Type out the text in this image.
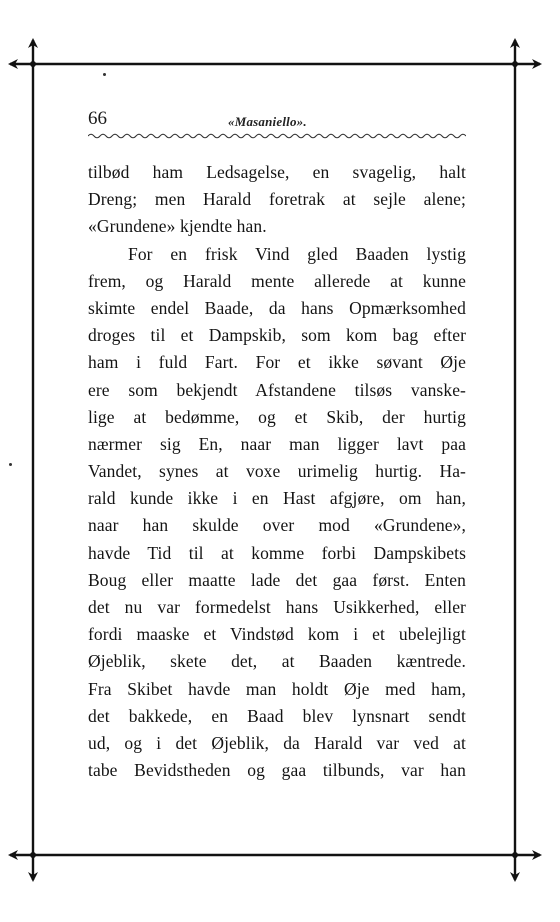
66	«Masaniello».
tilbød ham Ledsagelse, en svagelig, halt
Dreng; men Harald foretrak at sejle alene;
«Grundene» kjendte han.
For en frisk Vind gled Baaden lystig
frem, og Harald mente allerede at kunne
skimte endel Baade, da hans Opmærksomhed
droges til et Dampskib, som kom bag efter
ham i fuld Fart. For et ikke søvant Øje
ere som bekjendt Afstandene tilsøs vanske-
lige at bedømme, og et Skib, der hurtig
nærmer sig En, naar man ligger lavt paa
Vandet, synes at voxe urimelig hurtig. Ha-
rald kunde ikke i en Hast afgjøre, om han,
naar han skulde over mod «Grundene»,
havde Tid til at komme forbi Dampskibets
Boug eller maatte lade det gaa først. Enten
det nu var formedelst hans Usikkerhed, eller
fordi maaske et Vindstød kom i et ubelejligt
Øjeblik, skete det, at Baaden kæntrede.
Fra Skibet havde man holdt Øje med ham,
det bakkede, en Baad blev lynsnart sendt
ud, og i det Øjeblik, da Harald var ved at
tabe Bevidstheden og gaa tilbunds, var han
